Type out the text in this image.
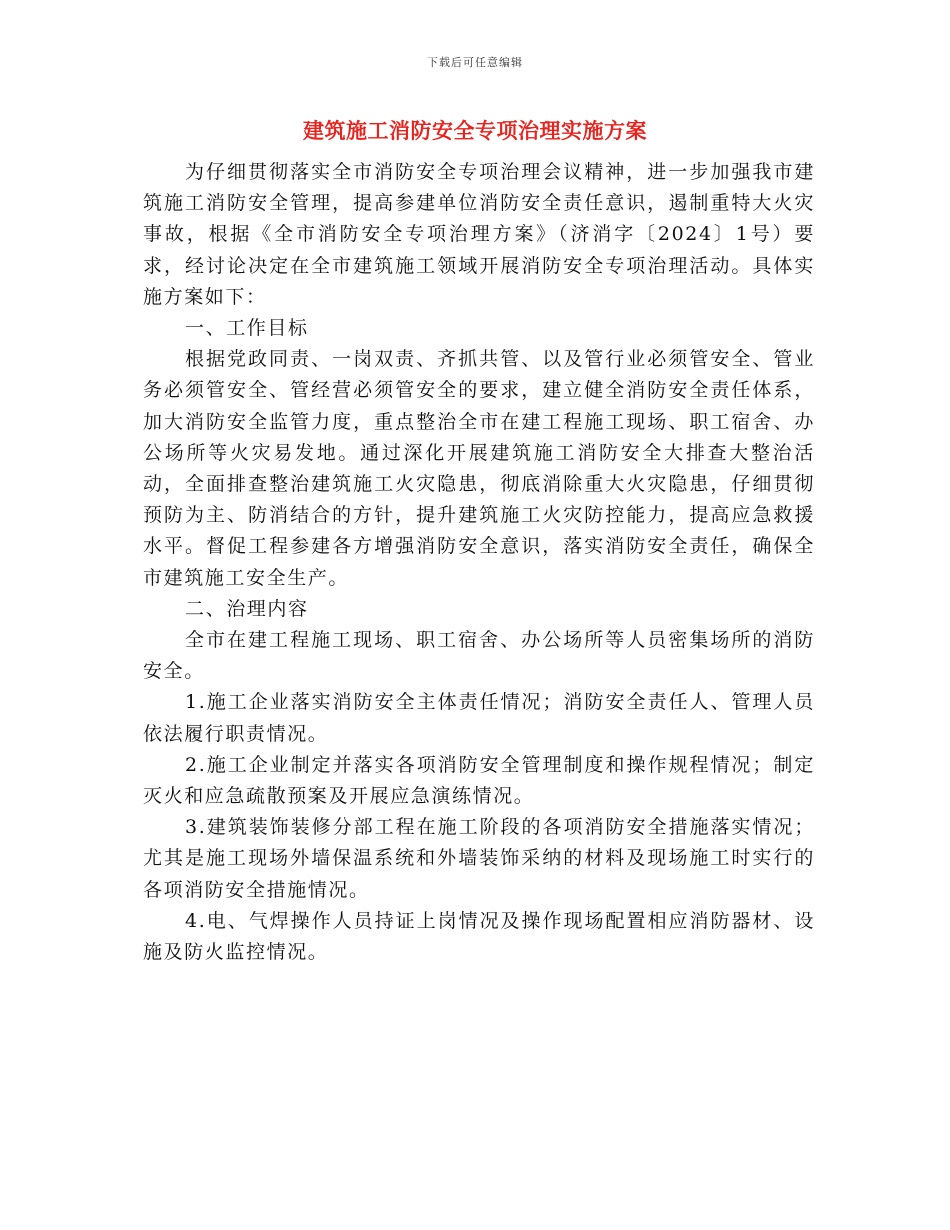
下载后可任意编辑
建筑施工消防安全专项治理实施方案

为仔细贯彻落实全市消防安全专项治理会议精神，进一步加强我市建筑施工消防安全管理，提高参建单位消防安全责任意识，遏制重特大火灾事故，根据《全市消防安全专项治理方案》（济消字〔2024〕1号）要求，经讨论决定在全市建筑施工领域开展消防安全专项治理活动。具体实施方案如下：

一、工作目标

根据党政同责、一岗双责、齐抓共管、以及管行业必须管安全、管业务必须管安全、管经营必须管安全的要求，建立健全消防安全责任体系，加大消防安全监管力度，重点整治全市在建工程施工现场、职工宿舍、办公场所等火灾易发地。通过深化开展建筑施工消防安全大排查大整治活动，全面排查整治建筑施工火灾隐患，彻底消除重大火灾隐患，仔细贯彻预防为主、防消结合的方针，提升建筑施工火灾防控能力，提高应急救援水平。督促工程参建各方增强消防安全意识，落实消防安全责任，确保全市建筑施工安全生产。

二、治理内容

全市在建工程施工现场、职工宿舍、办公场所等人员密集场所的消防安全。

1.施工企业落实消防安全主体责任情况；消防安全责任人、管理人员依法履行职责情况。

2.施工企业制定并落实各项消防安全管理制度和操作规程情况；制定灭火和应急疏散预案及开展应急演练情况。

3.建筑装饰装修分部工程在施工阶段的各项消防安全措施落实情况；尤其是施工现场外墙保温系统和外墙装饰采纳的材料及现场施工时实行的各项消防安全措施情况。

4.电、气焊操作人员持证上岗情况及操作现场配置相应消防器材、设施及防火监控情况。
